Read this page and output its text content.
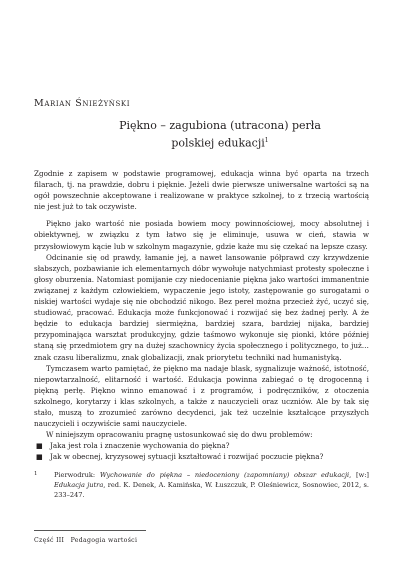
Marian Śnieżyński
Piękno – zagubiona (utracona) perła
polskiej edukacji$^1$

Zgodnie z zapisem w podstawie programowej, edukacja winna być oparta na trzech filarach, tj. na prawdzie, dobru i pięknie. Jeżeli dwie pierwsze uniwersalne wartości są na ogół powszechnie akceptowane i realizowane w praktyce szkolnej, to z trzecią wartością nie jest już to tak oczywiste.

Piękno jako wartość nie posiada bowiem mocy powinnościowej, mocy absolutnej i obiektywnej, w związku z tym łatwo się je eliminuje, usuwa w cień, stawia w przysłowiowym kącie lub w szkolnym magazynie, gdzie każe mu się czekać na lepsze czasy.

Odcinanie się od prawdy, łamanie jej, a nawet lansowanie półprawd czy krzywdzenie słabszych, pozbawianie ich elementarnych dóbr wywołuje natychmiast protesty społeczne i głosy oburzenia. Natomiast pomijanie czy niedocenianie piękna jako wartości immanentnie związanej z każdym człowiekiem, wypaczenie jego istoty, zastępowanie go surogatami o niskiej wartości wydaje się nie obchodzić nikogo. Bez pereł można przecież żyć, uczyć się, studiować, pracować. Edukacja może funkcjonować i rozwijać się bez żadnej perły. A że będzie to edukacja bardziej siermiężna, bardziej szara, bardziej nijaka, bardziej przypominająca warsztat produkcyjny, gdzie taśmowo wykonuje się pionki, które później staną się przedmiotem gry na dużej szachownicy życia społecznego i politycznego, to już… znak czasu liberalizmu, znak globalizacji, znak priorytetu techniki nad humanistyką.

Tymczasem warto pamiętać, że piękno ma nadaje blask, sygnalizuje ważność, istotność, niepowtarzalność, elitarność i wartość. Edukacja powinna zabiegać o tę drogocenną i piękną perłę. Piękno winno emanować i z programów, i podręczników, z otoczenia szkolnego, korytarzy i klas szkolnych, a także z nauczycieli oraz uczniów. Ale by tak się stało, muszą to zrozumieć zarówno decydenci, jak też uczelnie kształcące przyszłych nauczycieli i oczywiście sami nauczyciele.

W niniejszym opracowaniu pragnę ustosunkować się do dwu problemów:

■ Jaka jest rola i znaczenie wychowania do piękna?
■ Jak w obecnej, kryzysowej sytuacji kształtować i rozwijać poczucie piękna?
1	Pierwodruk: Wychowanie do piękna – niedoceniony (zapomniany) obszar edukacji, [w:] Edukacja jutra, red. K. Denek, A. Kamińska, W. Łuszczuk, P. Oleśniewicz, Sosnowiec, 2012, s. 233–247.
Część III Pedagogia wartości
